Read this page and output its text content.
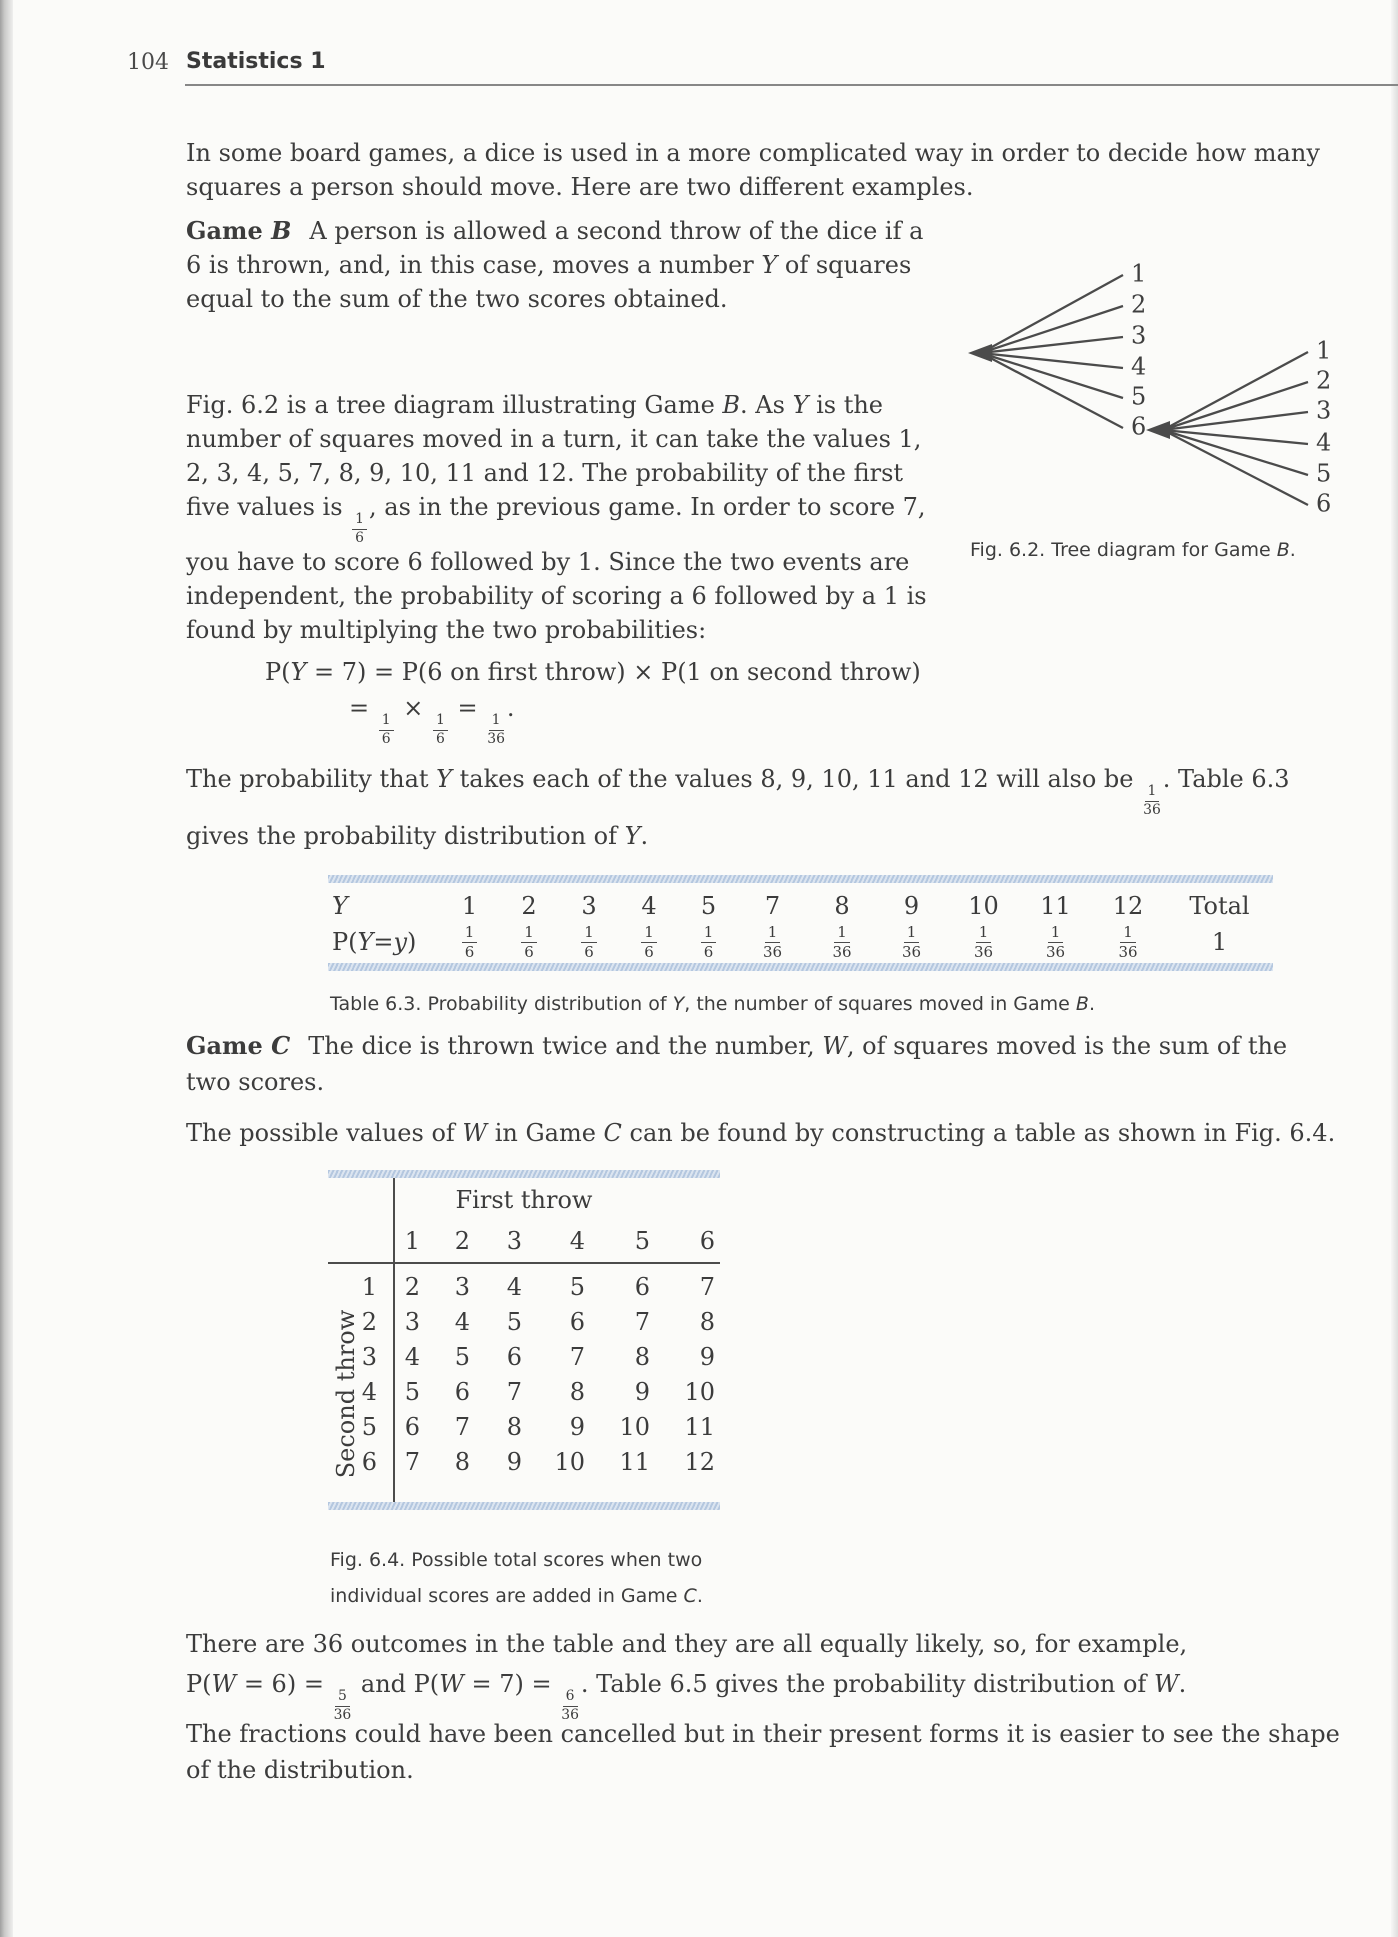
104 Statistics 1
In some board games, a dice is used in a more complicated way in order to decide how many
squares a person should move. Here are two different examples.
Game B A person is allowed a second throw of the dice if a
6 is thrown, and, in this case, moves a number Y of squares
equal to the sum of the two scores obtained.
Fig. 6.2 is a tree diagram illustrating Game B. As Y is the
number of squares moved in a turn, it can take the values 1,
2, 3, 4, 5, 7, 8, 9, 10, 11 and 12. The probability of the first
five values is
$\frac{1}{6}$
, as in the previous game. In order to score 7,
you have to score 6 followed by 1. Since the two events are
independent, the probability of scoring a 6 followed by a 1 is
found by multiplying the two probabilities:
1
2
3
4
5
6
1
2
3
4
5
6
Fig. 6.2. Tree diagram for Game B.
P(Y = 7) = P(6 on first throw) × P(1 on second throw)
=
$\frac{1}{6}$
×
$\frac{1}{6}$
=
$\frac{1}{36}$
.
The probability that Y takes each of the values 8, 9, 10, 11 and 12 will also be
$\frac{1}{36}$
. Table 6.3
gives the probability distribution of Y.
Y	1	2	3	4	5	7	8	9	10	11	12	Total
P( Y = y )	$\frac{1}{6}$	$\frac{1}{6}$	$\frac{1}{6}$	$\frac{1}{6}$	$\frac{1}{6}$	$\frac{1}{36}$	$\frac{1}{36}$	$\frac{1}{36}$	$\frac{1}{36}$	$\frac{1}{36}$	$\frac{1}{36}$	1
Table 6.3. Probability distribution of Y, the number of squares moved in Game B.
Game C The dice is thrown twice and the number, W, of squares moved is the sum of the
two scores.
The possible values of W in Game C can be found by constructing a table as shown in Fig. 6.4.
First throw
1	2	3	4	5	6
1	2	3	4	5	6	7
2	3	4	5	6	7	8
3	4	5	6	7	8	9
4	5	6	7	8	9	10
5	6	7	8	9	10	11
6	7	8	9	10	11	12
Second throw
Fig. 6.4. Possible total scores when two
individual scores are added in Game C.
There are 36 outcomes in the table and they are all equally likely, so, for example,
P(W = 6) =
$\frac{5}{36}$
and P(W = 7) =
$\frac{6}{36}$
. Table 6.5 gives the probability distribution of W.
The fractions could have been cancelled but in their present forms it is easier to see the shape
of the distribution.
